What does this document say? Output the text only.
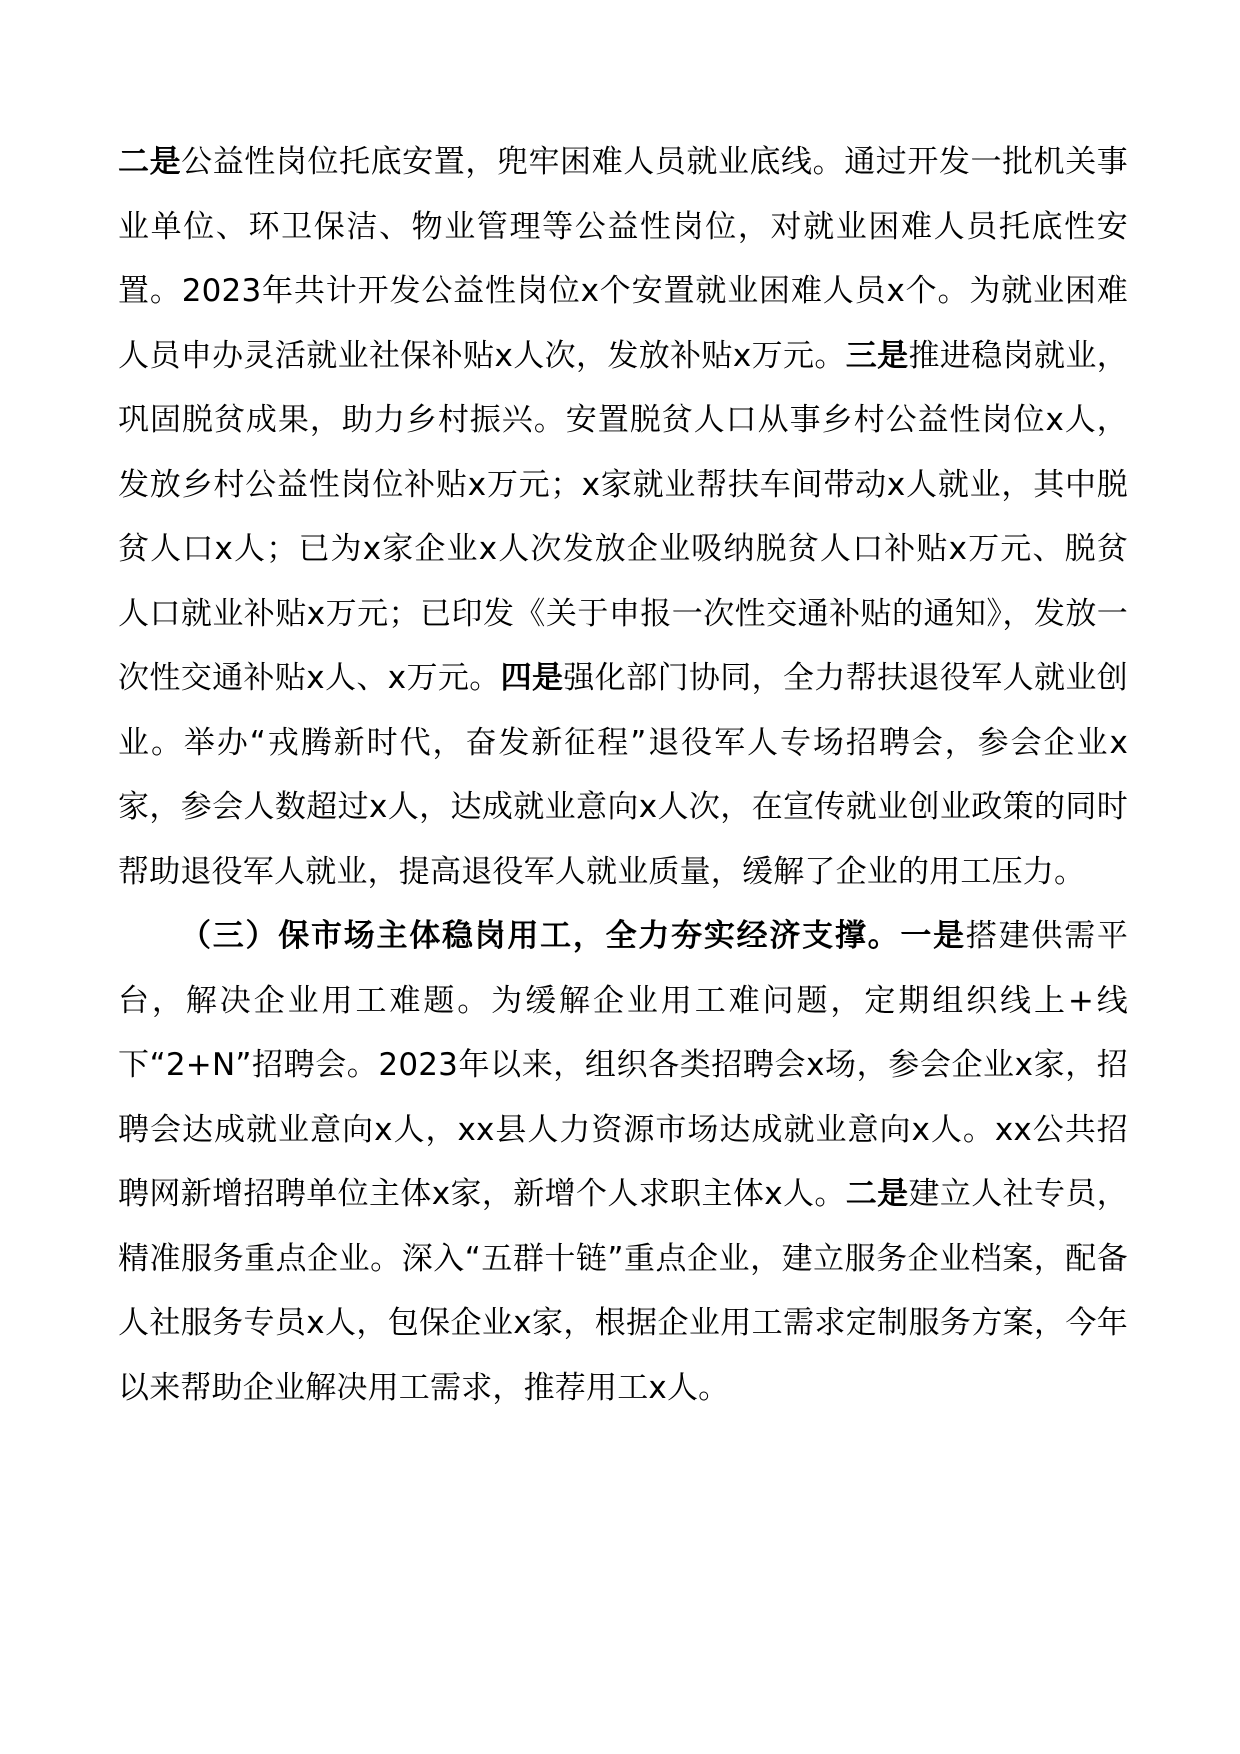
二是公益性岗位托底安置，兜牢困难人员就业底线。通过开发一批机关事业单位、环卫保洁、物业管理等公益性岗位，对就业困难人员托底性安置。2023年共计开发公益性岗位x个安置就业困难人员x个。为就业困难人员申办灵活就业社保补贴x人次，发放补贴x万元。三是推进稳岗就业，巩固脱贫成果，助力乡村振兴。安置脱贫人口从事乡村公益性岗位x人，发放乡村公益性岗位补贴x万元；x家就业帮扶车间带动x人就业，其中脱贫人口x人；已为x家企业x人次发放企业吸纳脱贫人口补贴x万元、脱贫人口就业补贴x万元；已印发《关于申报一次性交通补贴的通知》，发放一次性交通补贴x人、x万元。四是强化部门协同，全力帮扶退役军人就业创业。举办“戎腾新时代，奋发新征程”退役军人专场招聘会，参会企业x家，参会人数超过x人，达成就业意向x人次，在宣传就业创业政策的同时帮助退役军人就业，提高退役军人就业质量，缓解了企业的用工压力。

（三）保市场主体稳岗用工，全力夯实经济支撑。一是搭建供需平台，解决企业用工难题。为缓解企业用工难问题，定期组织线上+线下“2+N”招聘会。2023年以来，组织各类招聘会x场，参会企业x家，招聘会达成就业意向x人，xx县人力资源市场达成就业意向x人。xx公共招聘网新增招聘单位主体x家，新增个人求职主体x人。二是建立人社专员，精准服务重点企业。深入“五群十链”重点企业，建立服务企业档案，配备人社服务专员x人，包保企业x家，根据企业用工需求定制服务方案，今年以来帮助企业解决用工需求，推荐用工x人。
